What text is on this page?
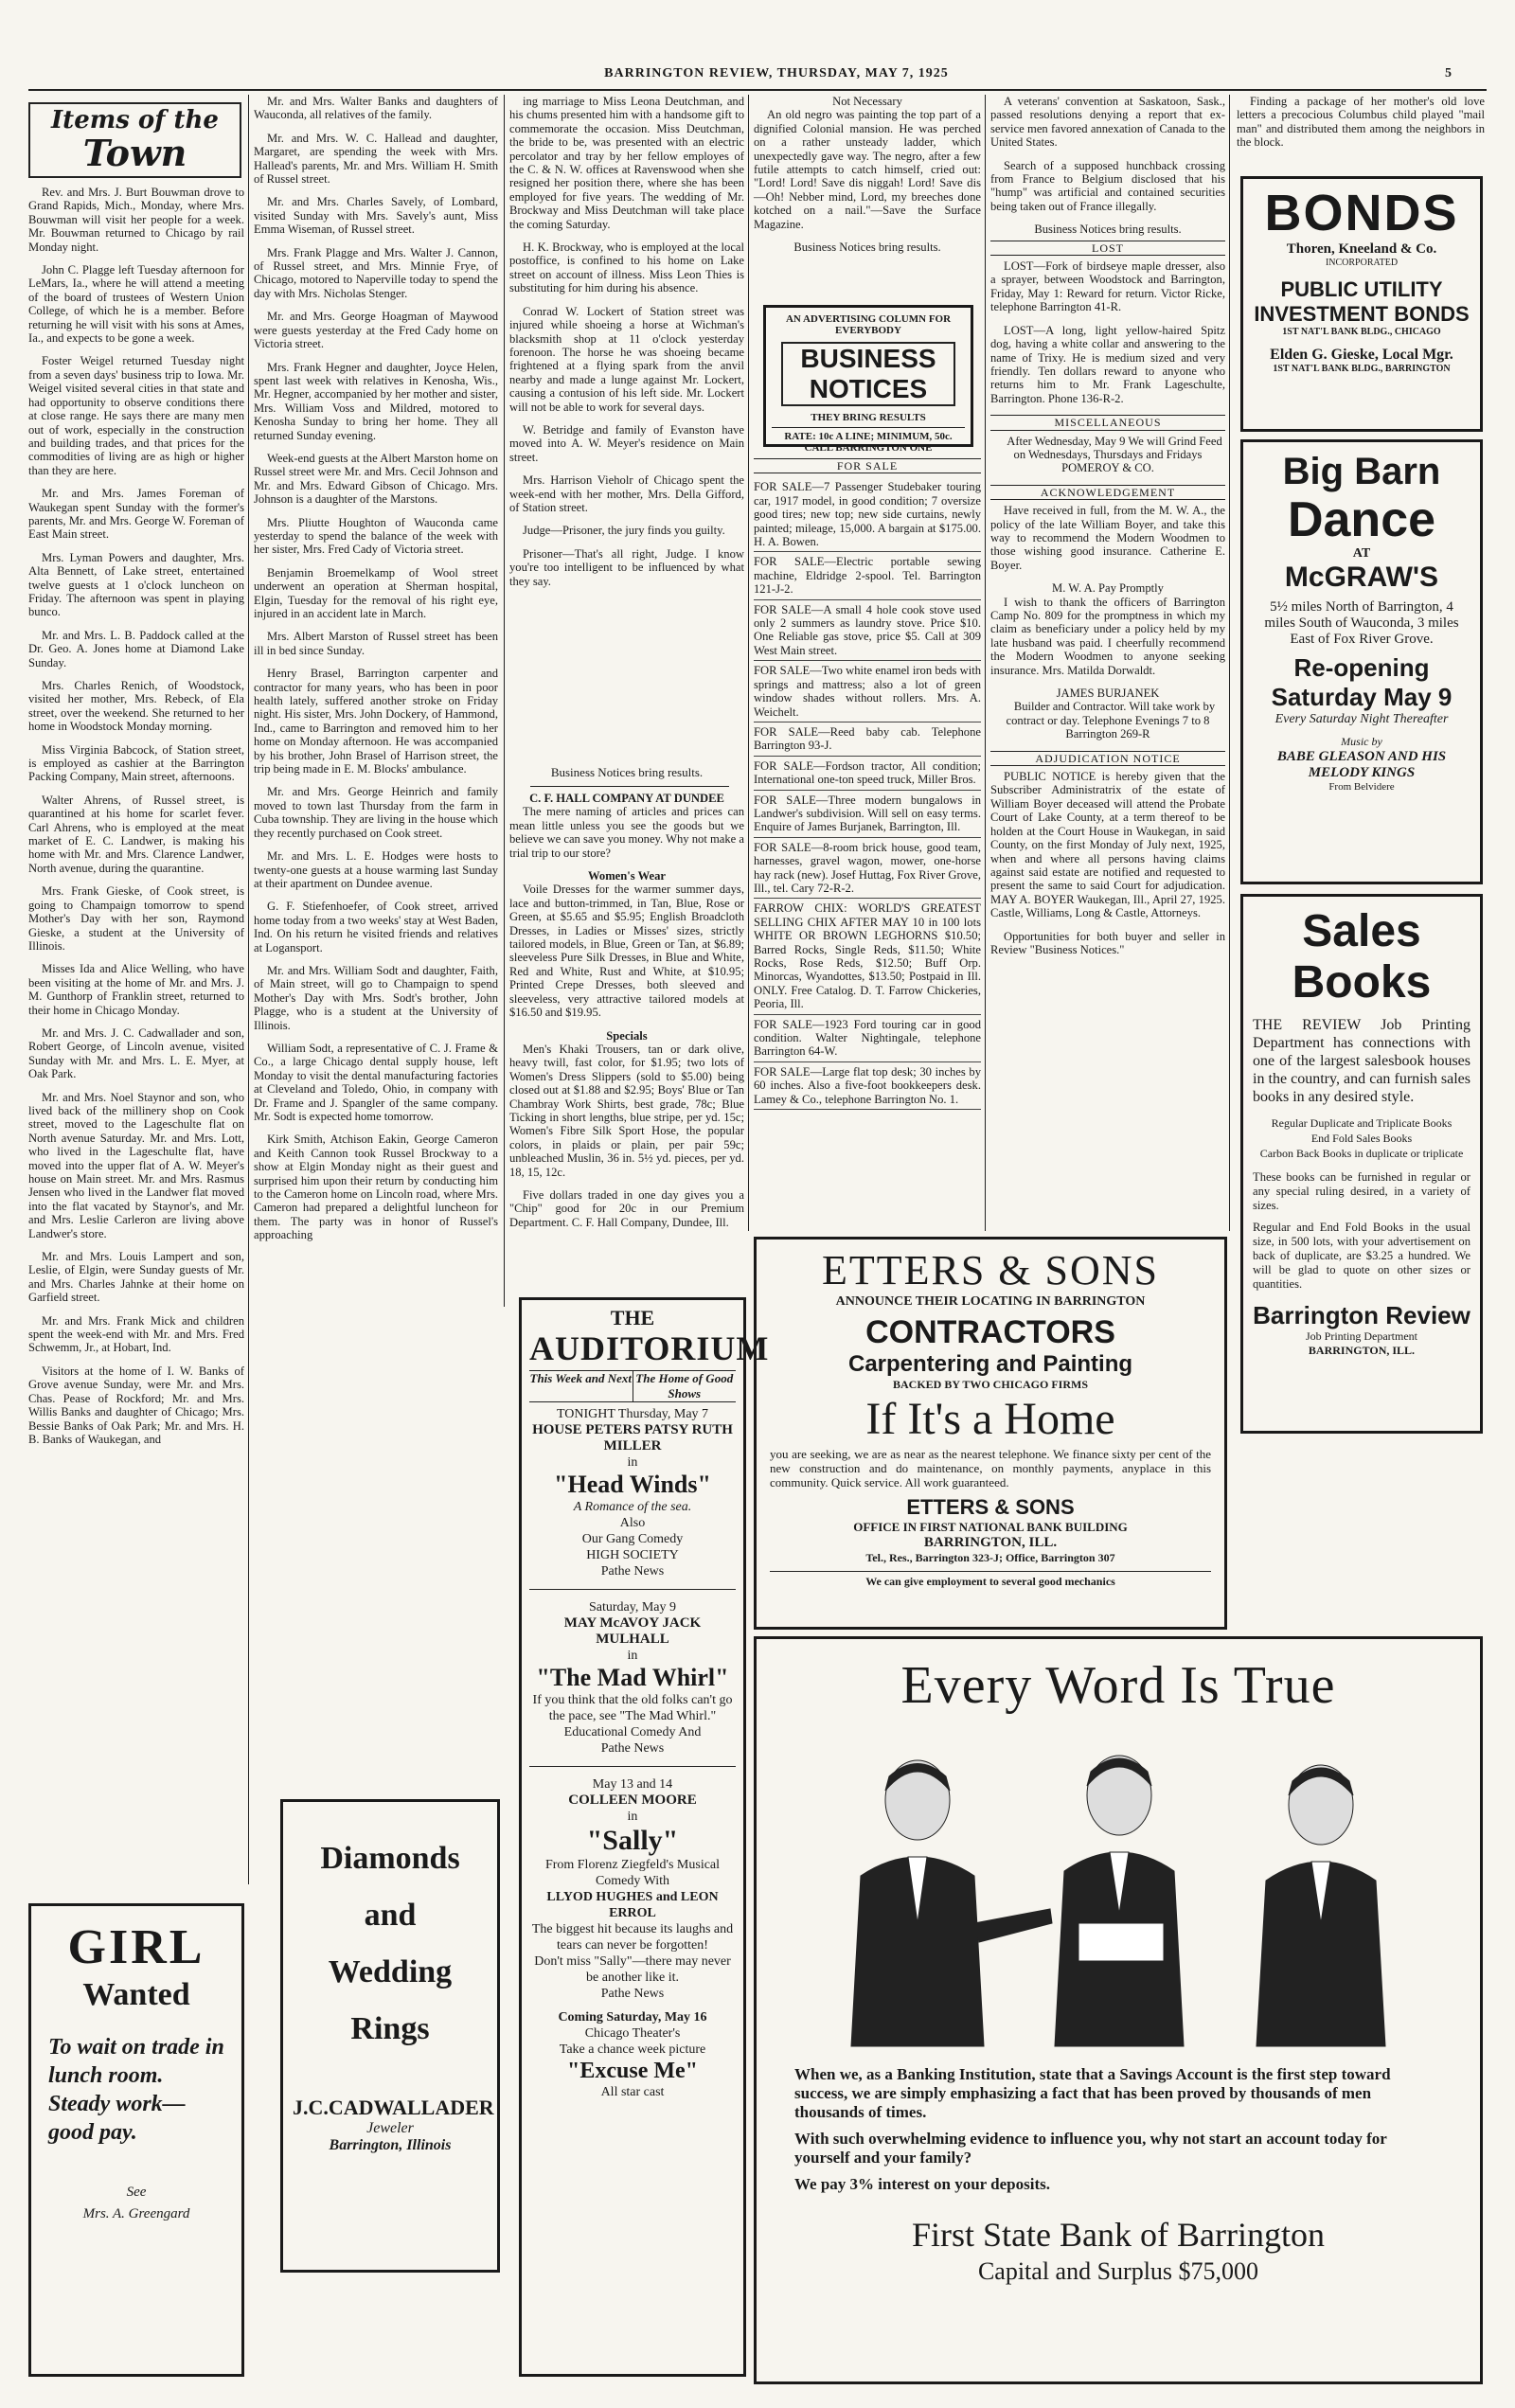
BARRINGTON REVIEW, THURSDAY, MAY 7, 1925	5
Items of the
Town

Rev. and Mrs. J. Burt Bouwman drove to Grand Rapids, Mich., Monday, where Mrs. Bouwman will visit her people for a week. Mr. Bouwman returned to Chicago by rail Monday night.

John C. Plagge left Tuesday afternoon for LeMars, Ia., where he will attend a meeting of the board of trustees of Western Union College, of which he is a member. Before returning he will visit with his sons at Ames, Ia., and expects to be gone a week.

Foster Weigel returned Tuesday night from a seven days' business trip to Iowa. Mr. Weigel visited several cities in that state and had opportunity to observe conditions there at close range. He says there are many men out of work, especially in the construction and building trades, and that prices for the commodities of living are as high or higher than they are here.

Mr. and Mrs. James Foreman of Waukegan spent Sunday with the former's parents, Mr. and Mrs. George W. Foreman of East Main street.

Mrs. Lyman Powers and daughter, Mrs. Alta Bennett, of Lake street, entertained twelve guests at 1 o'clock luncheon on Friday. The afternoon was spent in playing bunco.

Mr. and Mrs. L. B. Paddock called at the Dr. Geo. A. Jones home at Diamond Lake Sunday.

Mrs. Charles Renich, of Woodstock, visited her mother, Mrs. Rebeck, of Ela street, over the weekend. She returned to her home in Woodstock Monday morning.

Miss Virginia Babcock, of Station street, is employed as cashier at the Barrington Packing Company, Main street, afternoons.

Walter Ahrens, of Russel street, is quarantined at his home for scarlet fever. Carl Ahrens, who is employed at the meat market of E. C. Landwer, is making his home with Mr. and Mrs. Clarence Landwer, North avenue, during the quarantine.

Mrs. Frank Gieske, of Cook street, is going to Champaign tomorrow to spend Mother's Day with her son, Raymond Gieske, a student at the University of Illinois.

Misses Ida and Alice Welling, who have been visiting at the home of Mr. and Mrs. J. M. Gunthorp of Franklin street, returned to their home in Chicago Monday.

Mr. and Mrs. J. C. Cadwallader and son, Robert George, of Lincoln avenue, visited Sunday with Mr. and Mrs. L. E. Myer, at Oak Park.

Mr. and Mrs. Noel Staynor and son, who lived back of the millinery shop on Cook street, moved to the Lageschulte flat on North avenue Saturday. Mr. and Mrs. Lott, who lived in the Lageschulte flat, have moved into the upper flat of A. W. Meyer's house on Main street. Mr. and Mrs. Rasmus Jensen who lived in the Landwer flat moved into the flat vacated by Staynor's, and Mr. and Mrs. Leslie Carleron are living above Landwer's store.

Mr. and Mrs. Louis Lampert and son, Leslie, of Elgin, were Sunday guests of Mr. and Mrs. Charles Jahnke at their home on Garfield street.

Mr. and Mrs. Frank Mick and children spent the week-end with Mr. and Mrs. Fred Schwemm, Jr., at Hobart, Ind.

Visitors at the home of I. W. Banks of Grove avenue Sunday, were Mr. and Mrs. Chas. Pease of Rockford; Mr. and Mrs. Willis Banks and daughter of Chicago; Mrs. Bessie Banks of Oak Park; Mr. and Mrs. H. B. Banks of Waukegan, and

GIRL
Wanted
To wait on trade in lunch room. Steady work—good pay.
See
Mrs. A. Greengard

Mr. and Mrs. Walter Banks and daughters of Wauconda, all relatives of the family.

Mr. and Mrs. W. C. Hallead and daughter, Margaret, are spending the week with Mrs. Hallead's parents, Mr. and Mrs. William H. Smith of Russel street.

Mr. and Mrs. Charles Savely, of Lombard, visited Sunday with Mrs. Savely's aunt, Miss Emma Wiseman, of Russel street.

Mrs. Frank Plagge and Mrs. Walter J. Cannon, of Russel street, and Mrs. Minnie Frye, of Chicago, motored to Naperville today to spend the day with Mrs. Nicholas Stenger.

Mr. and Mrs. George Hoagman of Maywood were guests yesterday at the Fred Cady home on Victoria street.

Mrs. Frank Hegner and daughter, Joyce Helen, spent last week with relatives in Kenosha, Wis., Mr. Hegner, accompanied by her mother and sister, Mrs. William Voss and Mildred, motored to Kenosha Sunday to bring her home. They all returned Sunday evening.

Week-end guests at the Albert Marston home on Russel street were Mr. and Mrs. Cecil Johnson and Mr. and Mrs. Edward Gibson of Chicago. Mrs. Johnson is a daughter of the Marstons.

Mrs. Pliutte Houghton of Wauconda came yesterday to spend the balance of the week with her sister, Mrs. Fred Cady of Victoria street.

Benjamin Broemelkamp of Wool street underwent an operation at Sherman hospital, Elgin, Tuesday for the removal of his right eye, injured in an accident late in March.

Mrs. Albert Marston of Russel street has been ill in bed since Sunday.

Henry Brasel, Barrington carpenter and contractor for many years, who has been in poor health lately, suffered another stroke on Friday night. His sister, Mrs. John Dockery, of Hammond, Ind., came to Barrington and removed him to her home on Monday afternoon. He was accompanied by his brother, John Brasel of Harrison street, the trip being made in E. M. Blocks' ambulance.

Mr. and Mrs. George Heinrich and family moved to town last Thursday from the farm in Cuba township. They are living in the house which they recently purchased on Cook street.

Mr. and Mrs. L. E. Hodges were hosts to twenty-one guests at a house warming last Sunday at their apartment on Dundee avenue.

G. F. Stiefenhoefer, of Cook street, arrived home today from a two weeks' stay at West Baden, Ind. On his return he visited friends and relatives at Logansport.

Mr. and Mrs. William Sodt and daughter, Faith, of Main street, will go to Champaign to spend Mother's Day with Mrs. Sodt's brother, John Plagge, who is a student at the University of Illinois.

William Sodt, a representative of C. J. Frame & Co., a large Chicago dental supply house, left Monday to visit the dental manufacturing factories at Cleveland and Toledo, Ohio, in company with Dr. Frame and J. Spangler of the same company. Mr. Sodt is expected home tomorrow.

Kirk Smith, Atchison Eakin, George Cameron and Keith Cannon took Russel Brockway to a show at Elgin Monday night as their guest and surprised him upon their return by conducting him to the Cameron home on Lincoln road, where Mrs. Cameron had prepared a delightful luncheon for them. The party was in honor of Russel's approaching

Diamonds
and
Wedding
Rings
J.C.CADWALLADER
Jeweler
Barrington, Illinois

ing marriage to Miss Leona Deutchman, and his chums presented him with a handsome gift to commemorate the occasion. Miss Deutchman, the bride to be, was presented with an electric percolator and tray by her fellow employes of the C. & N. W. offices at Ravenswood when she resigned her position there, where she has been employed for five years. The wedding of Mr. Brockway and Miss Deutchman will take place the coming Saturday.

H. K. Brockway, who is employed at the local postoffice, is confined to his home on Lake street on account of illness. Miss Leon Thies is substituting for him during his absence.

Conrad W. Lockert of Station street was injured while shoeing a horse at Wichman's blacksmith shop at 11 o'clock yesterday forenoon. The horse he was shoeing became frightened at a flying spark from the anvil nearby and made a lunge against Mr. Lockert, causing a contusion of his left side. Mr. Lockert will not be able to work for several days.

W. Betridge and family of Evanston have moved into A. W. Meyer's residence on Main street.

Mrs. Harrison Vieholr of Chicago spent the week-end with her mother, Mrs. Della Gifford, of Station street.

Judge—Prisoner, the jury finds you guilty.

Prisoner—That's all right, Judge. I know you're too intelligent to be influenced by what they say.

Business Notices bring results.
C. F. HALL COMPANY AT DUNDEE

The mere naming of articles and prices can mean little unless you see the goods but we believe we can save you money. Why not make a trial trip to our store?

Women's Wear

Voile Dresses for the warmer summer days, lace and button-trimmed, in Tan, Blue, Rose or Green, at $5.65 and $5.95; English Broadcloth Dresses, in Ladies or Misses' sizes, strictly tailored models, in Blue, Green or Tan, at $6.89; sleeveless Pure Silk Dresses, in Blue and White, Red and White, Rust and White, at $10.95; Printed Crepe Dresses, both sleeved and sleeveless, very attractive tailored models at $16.50 and $19.95.

Specials

Men's Khaki Trousers, tan or dark olive, heavy twill, fast color, for $1.95; two lots of Women's Dress Slippers (sold to $5.00) being closed out at $1.88 and $2.95; Boys' Blue or Tan Chambray Work Shirts, best grade, 78c; Blue Ticking in short lengths, blue stripe, per yd. 15c; Women's Fibre Silk Sport Hose, the popular colors, in plaids or plain, per pair 59c; unbleached Muslin, 36 in. 5½ yd. pieces, per yd. 18, 15, 12c.

Five dollars traded in one day gives you a "Chip" good for 20c in our Premium Department. C. F. Hall Company, Dundee, Ill.

THE
AUDITORIUM
This Week and Next The Home of Good Shows
TONIGHT Thursday, May 7
HOUSE PETERS PATSY RUTH MILLER
in
"Head Winds"
A Romance of the sea.
Also
Our Gang Comedy
HIGH SOCIETY
Pathe News
Saturday, May 9
MAY McAVOY JACK MULHALL
in
"The Mad Whirl"
If you think that the old folks can't go the pace, see "The Mad Whirl."
Educational Comedy And
Pathe News
May 13 and 14
COLLEEN MOORE
in
"Sally"
From Florenz Ziegfeld's Musical Comedy With
LLYOD HUGHES and LEON ERROL
The biggest hit because its laughs and tears can never be forgotten!
Don't miss "Sally"—there may never be another like it.
Pathe News
Coming Saturday, May 16
Chicago Theater's
Take a chance week picture
"Excuse Me"
All star cast
Not Necessary

An old negro was painting the top part of a dignified Colonial mansion. He was perched on a rather unsteady ladder, which unexpectedly gave way. The negro, after a few futile attempts to catch himself, cried out: "Lord! Lord! Save dis niggah! Lord! Save dis—Oh! Nebber mind, Lord, my breeches done kotched on a nail."—Save the Surface Magazine.

Business Notices bring results.
AN ADVERTISING COLUMN FOR EVERYBODY
BUSINESS NOTICES
THEY BRING RESULTS
RATE: 10c A LINE; MINIMUM, 50c. CALL BARRINGTON ONE
FOR SALE

FOR SALE—7 Passenger Studebaker touring car, 1917 model, in good condition; 7 oversize good tires; new top; new side curtains, newly painted; mileage, 15,000. A bargain at $175.00. H. A. Bowen.

FOR SALE—Electric portable sewing machine, Eldridge 2-spool. Tel. Barrington 121-J-2.

FOR SALE—A small 4 hole cook stove used only 2 summers as laundry stove. Price $10. One Reliable gas stove, price $5. Call at 309 West Main street.

FOR SALE—Two white enamel iron beds with springs and mattress; also a lot of green window shades without rollers. Mrs. A. Weichelt.

FOR SALE—Reed baby cab. Telephone Barrington 93-J.

FOR SALE—Fordson tractor, All condition; International one-ton speed truck, Miller Bros.

FOR SALE—Three modern bungalows in Landwer's subdivision. Will sell on easy terms. Enquire of James Burjanek, Barrington, Ill.

FOR SALE—8-room brick house, good team, harnesses, gravel wagon, mower, one-horse hay rack (new). Josef Huttag, Fox River Grove, Ill., tel. Cary 72-R-2.

FARROW CHIX: WORLD'S GREATEST SELLING CHIX AFTER MAY 10 in 100 lots WHITE OR BROWN LEGHORNS $10.50; Barred Rocks, Single Reds, $11.50; White Rocks, Rose Reds, $12.50; Buff Orp. Minorcas, Wyandottes, $13.50; Postpaid in Ill. ONLY. Free Catalog. D. T. Farrow Chickeries, Peoria, Ill.

FOR SALE—1923 Ford touring car in good condition. Walter Nightingale, telephone Barrington 64-W.

FOR SALE—Large flat top desk; 30 inches by 60 inches. Also a five-foot bookkeepers desk. Lamey & Co., telephone Barrington No. 1.

A veterans' convention at Saskatoon, Sask., passed resolutions denying a report that ex-service men favored annexation of Canada to the United States.

Search of a supposed hunchback crossing from France to Belgium disclosed that his "hump" was artificial and contained securities being taken out of France illegally.

Business Notices bring results.
LOST

LOST—Fork of birdseye maple dresser, also a sprayer, between Woodstock and Barrington, Friday, May 1: Reward for return. Victor Ricke, telephone Barrington 41-R.

LOST—A long, light yellow-haired Spitz dog, having a white collar and answering to the name of Trixy. He is medium sized and very friendly. Ten dollars reward to anyone who returns him to Mr. Frank Lageschulte, Barrington. Phone 136-R-2.

MISCELLANEOUS

After Wednesday, May 9 We will Grind Feed on Wednesdays, Thursdays and Fridays POMEROY & CO.

ACKNOWLEDGEMENT

Have received in full, from the M. W. A., the policy of the late William Boyer, and take this way to recommend the Modern Woodmen to those wishing good insurance. Catherine E. Boyer.

M. W. A. Pay Promptly

I wish to thank the officers of Barrington Camp No. 809 for the promptness in which my claim as beneficiary under a policy held by my late husband was paid. I cheerfully recommend the Modern Woodmen to anyone seeking insurance. Mrs. Matilda Dorwaldt.

JAMES BURJANEK

Builder and Contractor. Will take work by contract or day. Telephone Evenings 7 to 8 Barrington 269-R

ADJUDICATION NOTICE

PUBLIC NOTICE is hereby given that the Subscriber Administratrix of the estate of William Boyer deceased will attend the Probate Court of Lake County, at a term thereof to be holden at the Court House in Waukegan, in said County, on the first Monday of July next, 1925, when and where all persons having claims against said estate are notified and requested to present the same to said Court for adjudication. MAY A. BOYER Waukegan, Ill., April 27, 1925. Castle, Williams, Long & Castle, Attorneys.

Opportunities for both buyer and seller in Review "Business Notices."

Finding a package of her mother's old love letters a precocious Columbus child played "mail man" and distributed them among the neighbors in the block.

BONDS
Thoren, Kneeland & Co.
INCORPORATED
PUBLIC UTILITY
INVESTMENT BONDS
1ST NAT'L BANK BLDG., CHICAGO
Elden G. Gieske, Local Mgr.
1ST NAT'L BANK BLDG., BARRINGTON
Big Barn
Dance
AT
McGRAW'S
5½ miles North of Barrington, 4 miles South of Wauconda, 3 miles East of Fox River Grove.
Re-opening
Saturday May 9
Every Saturday Night Thereafter
Music by
BABE GLEASON AND HIS MELODY KINGS
From Belvidere
Sales
Books
THE REVIEW Job Printing Department has connections with one of the largest salesbook houses in the country, and can furnish sales books in any desired style.
Regular Duplicate and Triplicate Books
End Fold Sales Books
Carbon Back Books in duplicate or triplicate
These books can be furnished in regular or any special ruling desired, in a variety of sizes.
Regular and End Fold Books in the usual size, in 500 lots, with your advertisement on back of duplicate, are $3.25 a hundred. We will be glad to quote on other sizes or quantities.
Barrington Review
Job Printing Department
BARRINGTON, ILL.
ETTERS & SONS
ANNOUNCE THEIR LOCATING IN BARRINGTON
CONTRACTORS
Carpentering and Painting
BACKED BY TWO CHICAGO FIRMS
If It's a Home
you are seeking, we are as near as the nearest telephone. We finance sixty per cent of the new construction and do maintenance, on monthly payments, anyplace in this community. Quick service. All work guaranteed.
ETTERS & SONS
OFFICE IN FIRST NATIONAL BANK BUILDING
BARRINGTON, ILL.
Tel., Res., Barrington 323-J; Office, Barrington 307
We can give employment to several good mechanics
Every Word Is True
When we, as a Banking Institution, state that a Savings Account is the first step toward success, we are simply emphasizing a fact that has been proved by thousands of men thousands of times.
With such overwhelming evidence to influence you, why not start an account today for yourself and your family?
We pay 3% interest on your deposits.
First State Bank of Barrington
Capital and Surplus $75,000
